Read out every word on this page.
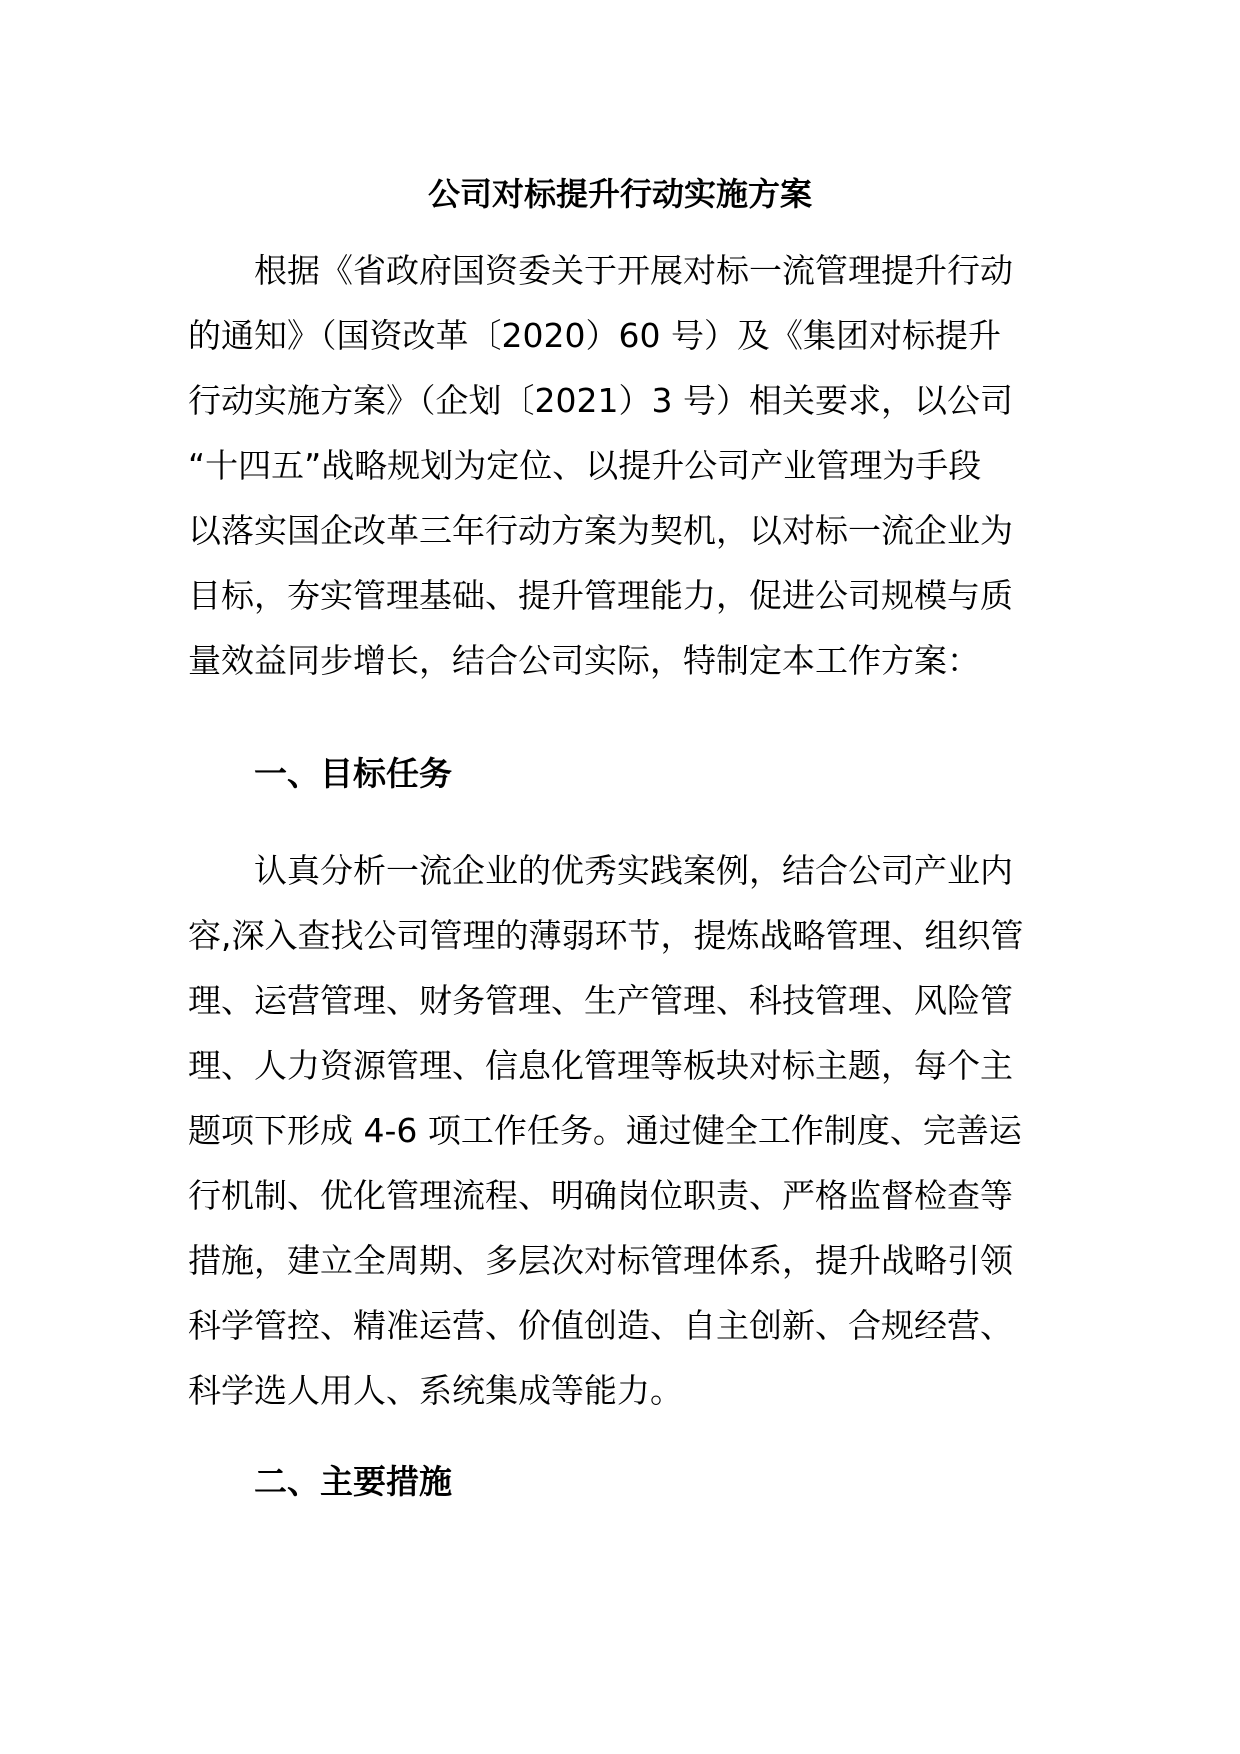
公司对标提升行动实施方案
根据《省政府国资委关于开展对标一流管理提升行动
的通知》（国资改革〔2020）60 号）及《集团对标提升
行动实施方案》（企划〔2021）3 号）相关要求，以公司
“十四五”战略规划为定位、以提升公司产业管理为手段
以落实国企改革三年行动方案为契机，以对标一流企业为
目标，夯实管理基础、提升管理能力，促进公司规模与质
量效益同步增长，结合公司实际，特制定本工作方案：
一、目标任务
认真分析一流企业的优秀实践案例，结合公司产业内
容,深入查找公司管理的薄弱环节，提炼战略管理、组织管
理、运营管理、财务管理、生产管理、科技管理、风险管
理、人力资源管理、信息化管理等板块对标主题，每个主
题项下形成 4-6 项工作任务。通过健全工作制度、完善运
行机制、优化管理流程、明确岗位职责、严格监督检查等
措施，建立全周期、多层次对标管理体系，提升战略引领
科学管控、精准运营、价值创造、自主创新、合规经营、
科学选人用人、系统集成等能力。
二、主要措施
